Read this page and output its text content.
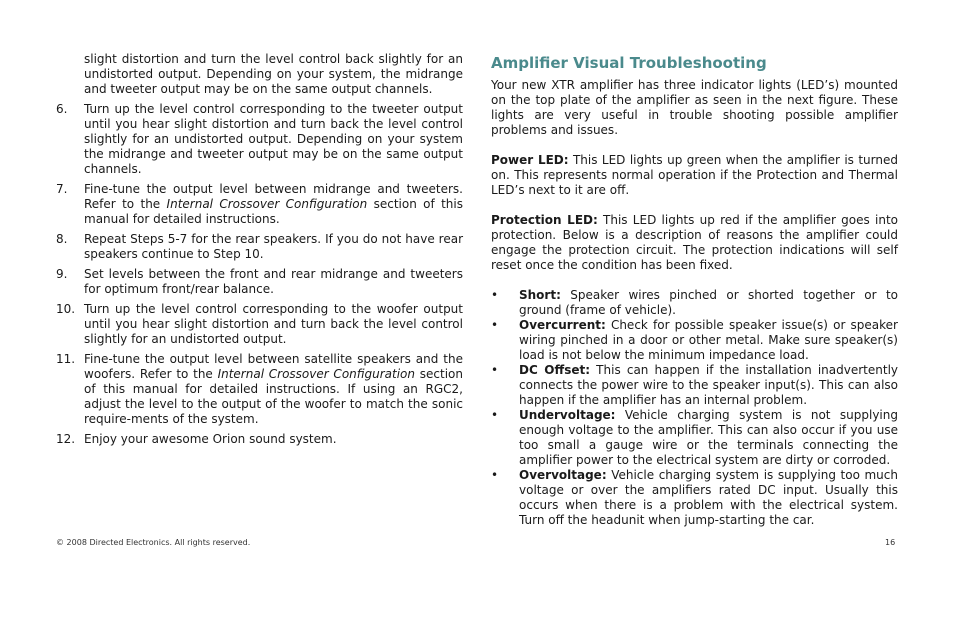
slight distortion and turn the level control back slightly for an undistorted output. Depending on your system, the midrange and tweeter output may be on the same output channels.

6. Turn up the level control corresponding to the tweeter output until you hear slight distortion and turn back the level control slightly for an undistorted output. Depending on your system the midrange and tweeter output may be on the same output channels.
7. Fine-tune the output level between midrange and tweeters. Refer to the Internal Crossover Configuration section of this manual for detailed instructions.
8. Repeat Steps 5-7 for the rear speakers. If you do not have rear speakers continue to Step 10.
9. Set levels between the front and rear midrange and tweeters for optimum front/rear balance.
10. Turn up the level control corresponding to the woofer output until you hear slight distortion and turn back the level control slightly for an undistorted output.
11. Fine-tune the output level between satellite speakers and the woofers. Refer to the Internal Crossover Configuration section of this manual for detailed instructions. If using an RGC2, adjust the level to the output of the woofer to match the sonic require-ments of the system.
12. Enjoy your awesome Orion sound system.
Amplifier Visual Troubleshooting

Your new XTR amplifier has three indicator lights (LED’s) mounted on the top plate of the amplifier as seen in the next figure. These lights are very useful in trouble shooting possible amplifier problems and issues.

Power LED: This LED lights up green when the amplifier is turned on. This represents normal operation if the Protection and Thermal LED’s next to it are off.

Protection LED: This LED lights up red if the amplifier goes into protection. Below is a description of reasons the amplifier could engage the protection circuit. The protection indications will self reset once the condition has been fixed.

• Short: Speaker wires pinched or shorted together or to ground (frame of vehicle).
• Overcurrent: Check for possible speaker issue(s) or speaker wiring pinched in a door or other metal. Make sure speaker(s) load is not below the minimum impedance load.
• DC Offset: This can happen if the installation inadvertently connects the power wire to the speaker input(s). This can also happen if the amplifier has an internal problem.
• Undervoltage: Vehicle charging system is not supplying enough voltage to the amplifier. This can also occur if you use too small a gauge wire or the terminals connecting the amplifier power to the electrical system are dirty or corroded.
• Overvoltage: Vehicle charging system is supplying too much voltage or over the amplifiers rated DC input. Usually this occurs when there is a problem with the electrical system. Turn off the headunit when jump-starting the car.
© 2008 Directed Electronics. All rights reserved.	16
